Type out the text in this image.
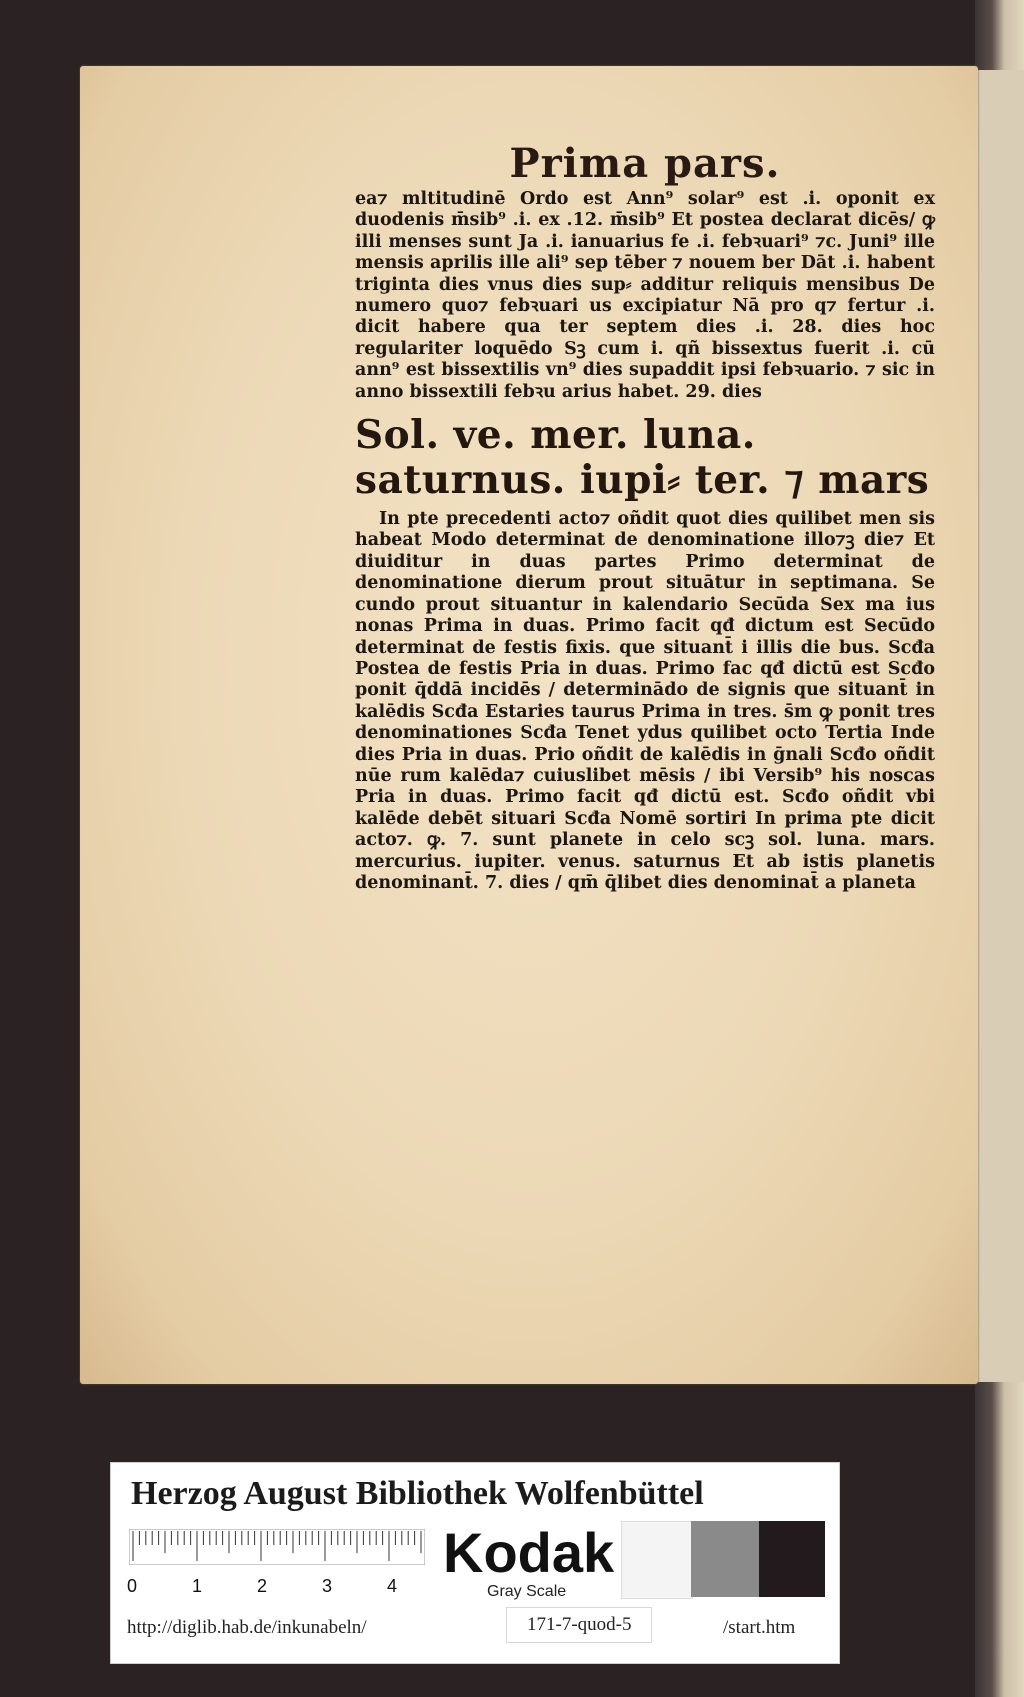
Prima pars.

ea⁊ mltitudinē Ordo est Ann⁹ solar⁹ est .i. oponit ex duodenis m̄sib⁹ .i. ex .12. m̄sib⁹ Et postea declarat dicēs/ ꝙ illi menses sunt Ja .i. ianuarius fe .i. febꝛuari⁹ ⁊c. Juni⁹ ille mensis aprilis ille ali⁹ sep tēber ⁊ nouem ber Dāt .i. habent triginta dies vnus dies sup⸗ additur reliquis mensibus De numero quo⁊ febꝛuari us excipiatur Nā pro q⁊ fertur .i. dicit habere qua ter septem dies .i. 28. dies hoc regulariter loquēdo Sꝫ cum i. qñ bissextus fuerit .i. cū ann⁹ est bissextilis vn⁹ dies supaddit ipsi febꝛuario. ⁊ sic in anno bissextili febꝛu arius habet. 29. dies

Sol. ve. mer. luna. saturnus. iupi⸗ ter. ⁊ mars

In pte precedenti acto⁊ oñdit quot dies quilibet men sis habeat Modo determinat de denominatione illo⁊ꝫ die⁊ Et diuiditur in duas partes Primo determinat de denominatione dierum prout situātur in septimana. Se cundo prout situantur in kalendario Secūda Sex ma ius nonas Prima in duas. Primo facit qđ dictum est Secūdo determinat de festis fixis. que situant̄ i illis die bus. Scđa Postea de festis Pria in duas. Primo fac qđ dictū est Scđo ponit q̄ddā incidēs / determinādo de signis que situant̄ in kalēdis Scđa Estaries taurus Prima in tres. s̄m ꝙ ponit tres denominationes Scđa Tenet ydus quilibet octo Tertia Inde dies Pria in duas. Prio oñdit de kalēdis in ḡnali Scđo oñdit nūe rum kalēda⁊ cuiuslibet mēsis / ibi Versib⁹ his noscas Pria in duas. Primo facit qđ dictū est. Scđo oñdit vbi kalēde debēt situari Scđa Nomē sortiri In prima pte dicit acto⁊. ꝙ. 7. sunt planete in celo scꝫ sol. luna. mars. mercurius. iupiter. venus. saturnus Et ab istis planetis denominant̄. 7. dies / qm̄ q̄libet dies denominat̄ a planeta

Herzog August Bibliothek Wolfenbüttel
0	1	2	3	4
Kodak
Gray Scale
http://diglib.hab.de/inkunabeln/	171-7-quod-5	/start.htm
